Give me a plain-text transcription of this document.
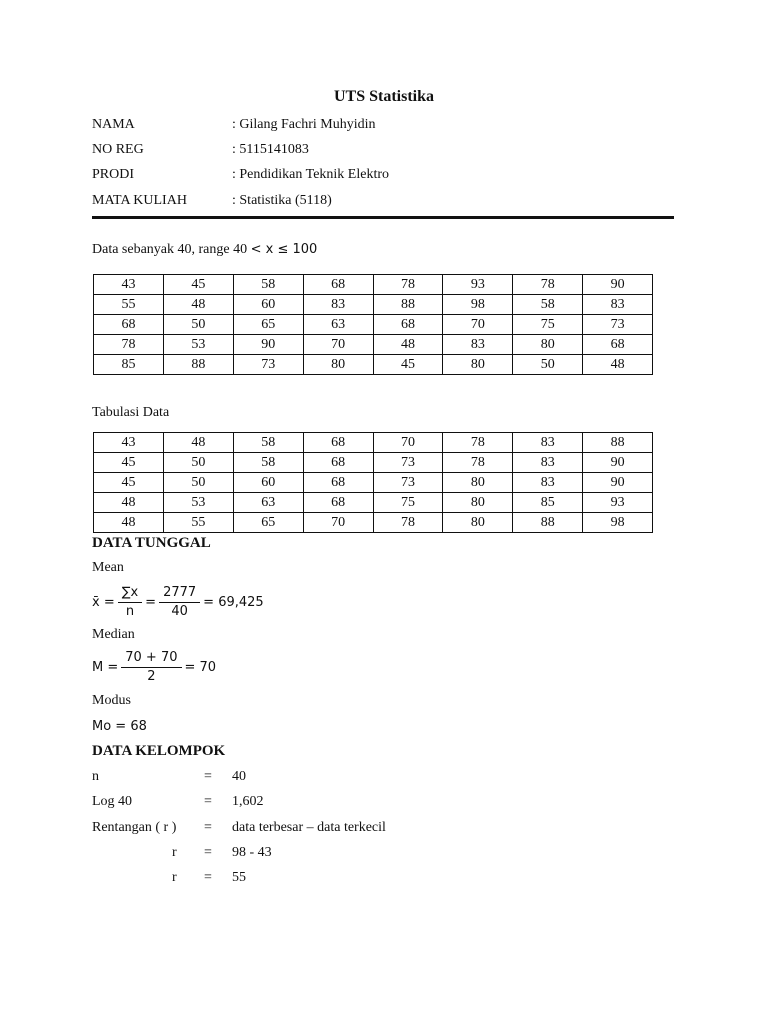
UTS Statistika
NAMA	: Gilang Fachri Muhyidin
NO REG	: 5115141083
PRODI	: Pendidikan Teknik Elektro
MATA KULIAH	: Statistika (5118)
Data sebanyak 40, range 40 < x ≤ 100
43	45	58	68	78	93	78	90
55	48	60	83	88	98	58	83
68	50	65	63	68	70	75	73
78	53	90	70	48	83	80	68
85	88	73	80	45	80	50	48
Tabulasi Data
43	48	58	68	70	78	83	88
45	50	58	68	73	78	83	90
45	50	60	68	73	80	83	90
48	53	63	68	75	80	85	93
48	55	65	70	78	80	88	98
DATA TUNGGAL
Mean
x̄ = $\frac{\sum x}{n} = \frac{2777}{40} = 69,425$
Median
$M = \frac{70 + 70}{2} = 70$
Modus
Mo = 68
DATA KELOMPOK
n	=	40
Log 40	=	1,602
Rentangan ( r )	=	data terbesar – data terkecil
r	=	98 - 43
r	=	55
